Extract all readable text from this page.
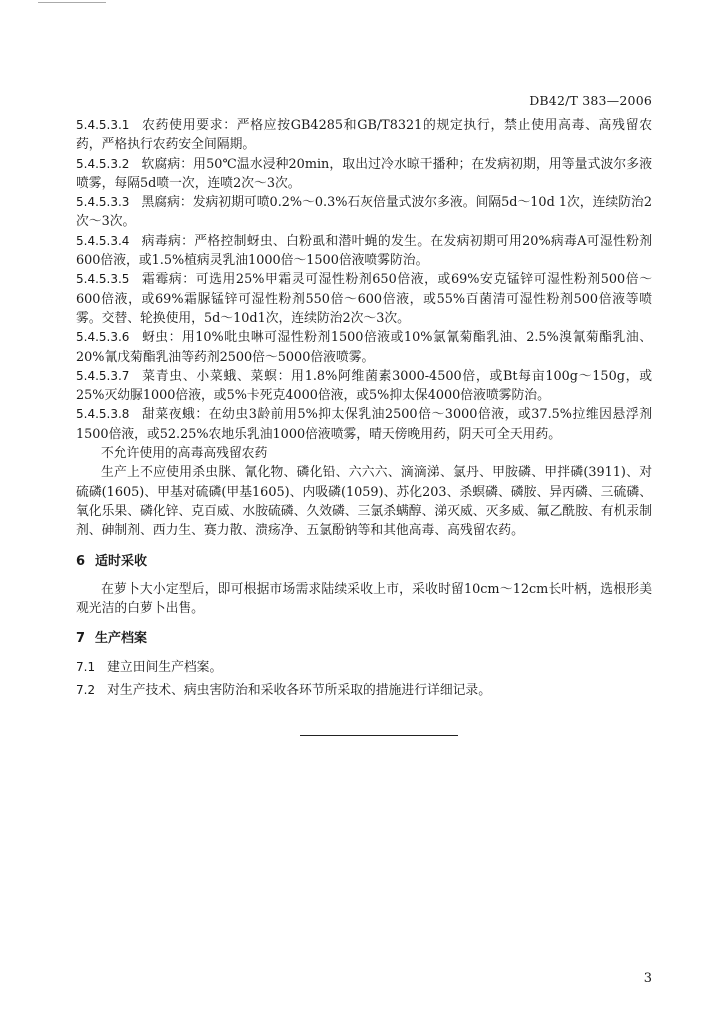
DB42/T 383—2006

5.4.5.3.1 农药使用要求：严格应按GB4285和GB/T8321的规定执行，禁止使用高毒、高残留农药，严格执行农药安全间隔期。

5.4.5.3.2 软腐病：用50℃温水浸种20min，取出过冷水晾干播种；在发病初期，用等量式波尔多液喷雾，每隔5d喷一次，连喷2次～3次。

5.4.5.3.3 黑腐病：发病初期可喷0.2%～0.3%石灰倍量式波尔多液。间隔5d～10d 1次，连续防治2次～3次。

5.4.5.3.4 病毒病：严格控制蚜虫、白粉虱和潜叶蝇的发生。在发病初期可用20%病毒A可湿性粉剂600倍液，或1.5%植病灵乳油1000倍～1500倍液喷雾防治。

5.4.5.3.5 霜霉病：可选用25%甲霜灵可湿性粉剂650倍液，或69%安克锰锌可湿性粉剂500倍～600倍液，或69%霜脲锰锌可湿性粉剂550倍～600倍液，或55%百菌清可湿性粉剂500倍液等喷雾。交替、轮换使用，5d～10d1次，连续防治2次～3次。

5.4.5.3.6 蚜虫：用10%吡虫啉可湿性粉剂1500倍液或10%氯氰菊酯乳油、2.5%溴氰菊酯乳油、20%氰戊菊酯乳油等药剂2500倍～5000倍液喷雾。

5.4.5.3.7 菜青虫、小菜蛾、菜螟：用1.8%阿维菌素3000-4500倍，或Bt每亩100g～150g，或25%灭幼脲1000倍液，或5%卡死克4000倍液，或5%抑太保4000倍液喷雾防治。

5.4.5.3.8 甜菜夜蛾：在幼虫3龄前用5%抑太保乳油2500倍～3000倍液，或37.5%拉维因悬浮剂1500倍液，或52.25%农地乐乳油1000倍液喷雾，晴天傍晚用药，阴天可全天用药。

不允许使用的高毒高残留农药

生产上不应使用杀虫脒、氰化物、磷化铅、六六六、滴滴涕、氯丹、甲胺磷、甲拌磷(3911)、对硫磷(1605)、甲基对硫磷(甲基1605)、内吸磷(1059)、苏化203、杀螟磷、磷胺、异丙磷、三硫磷、氧化乐果、磷化锌、克百威、水胺硫磷、久效磷、三氯杀螨醇、涕灭威、灭多威、氟乙酰胺、有机汞制剂、砷制剂、西力生、赛力散、溃疡净、五氯酚钠等和其他高毒、高残留农药。

6 适时采收

在萝卜大小定型后，即可根据市场需求陆续采收上市，采收时留10cm～12cm长叶柄，选根形美观光洁的白萝卜出售。

7 生产档案

7.1 建立田间生产档案。

7.2 对生产技术、病虫害防治和采收各环节所采取的措施进行详细记录。

3
